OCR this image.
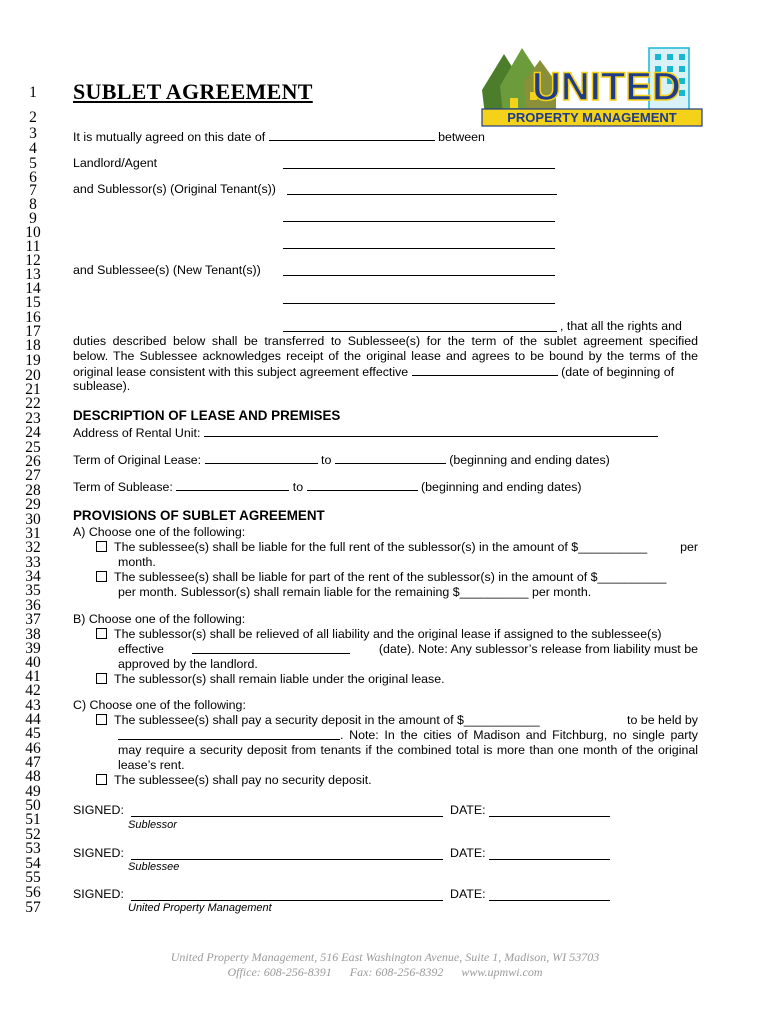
1
2
3
4
5
6
7
8
9
10
11
12
13
14
15
16
17
18
19
20
21
22
23
24
25
26
27
28
29
30
31
32
33
34
35
36
37
38
39
40
41
42
43
44
45
46
47
48
49
50
51
52
53
54
55
56
57
SUBLET AGREEMENT	UNITED
PROPERTY MANAGEMENT
It is mutually agreed on this date of	between
Landlord/Agent
and Sublessor(s) (Original Tenant(s))
and Sublessee(s) (New Tenant(s))
, that all the rights and
duties described below shall be transferred to Sublessee(s) for the term of the sublet agreement specified
below. The Sublessee acknowledges receipt of the original lease and agrees to be bound by the terms of the
original lease consistent with this subject agreement effective	(date of beginning of
sublease).
DESCRIPTION OF LEASE AND PREMISES
Address of Rental Unit:
Term of Original Lease:	to	(beginning and ending dates)
Term of Sublease:	to	(beginning and ending dates)
PROVISIONS OF SUBLET AGREEMENT
A) Choose one of the following:
The sublessee(s) shall be liable for the full rent of the sublessor(s) in the amount of $__________	per
month.
The sublessee(s) shall be liable for part of the rent of the sublessor(s) in the amount of $__________
per month. Sublessor(s) shall remain liable for the remaining $__________ per month.
B) Choose one of the following:
The sublessor(s) shall be relieved of all liability and the original lease if assigned to the sublessee(s)
effective	(date). Note: Any sublessor’s release from liability must be
approved by the landlord.
The sublessor(s) shall remain liable under the original lease.
C) Choose one of the following:
The sublessee(s) shall pay a security deposit in the amount of $___________	to be held by
. Note: In the cities of Madison and Fitchburg, no single party
may require a security deposit from tenants if the combined total is more than one month of the original
lease’s rent.
The sublessee(s) shall pay no security deposit.
SIGNED:	DATE:
Sublessor
SIGNED:	DATE:
Sublessee
SIGNED:	DATE:
United Property Management
United Property Management, 516 East Washington Avenue, Suite 1, Madison, WI 53703
Office: 608-256-8391      Fax: 608-256-8392      www.upmwi.com
